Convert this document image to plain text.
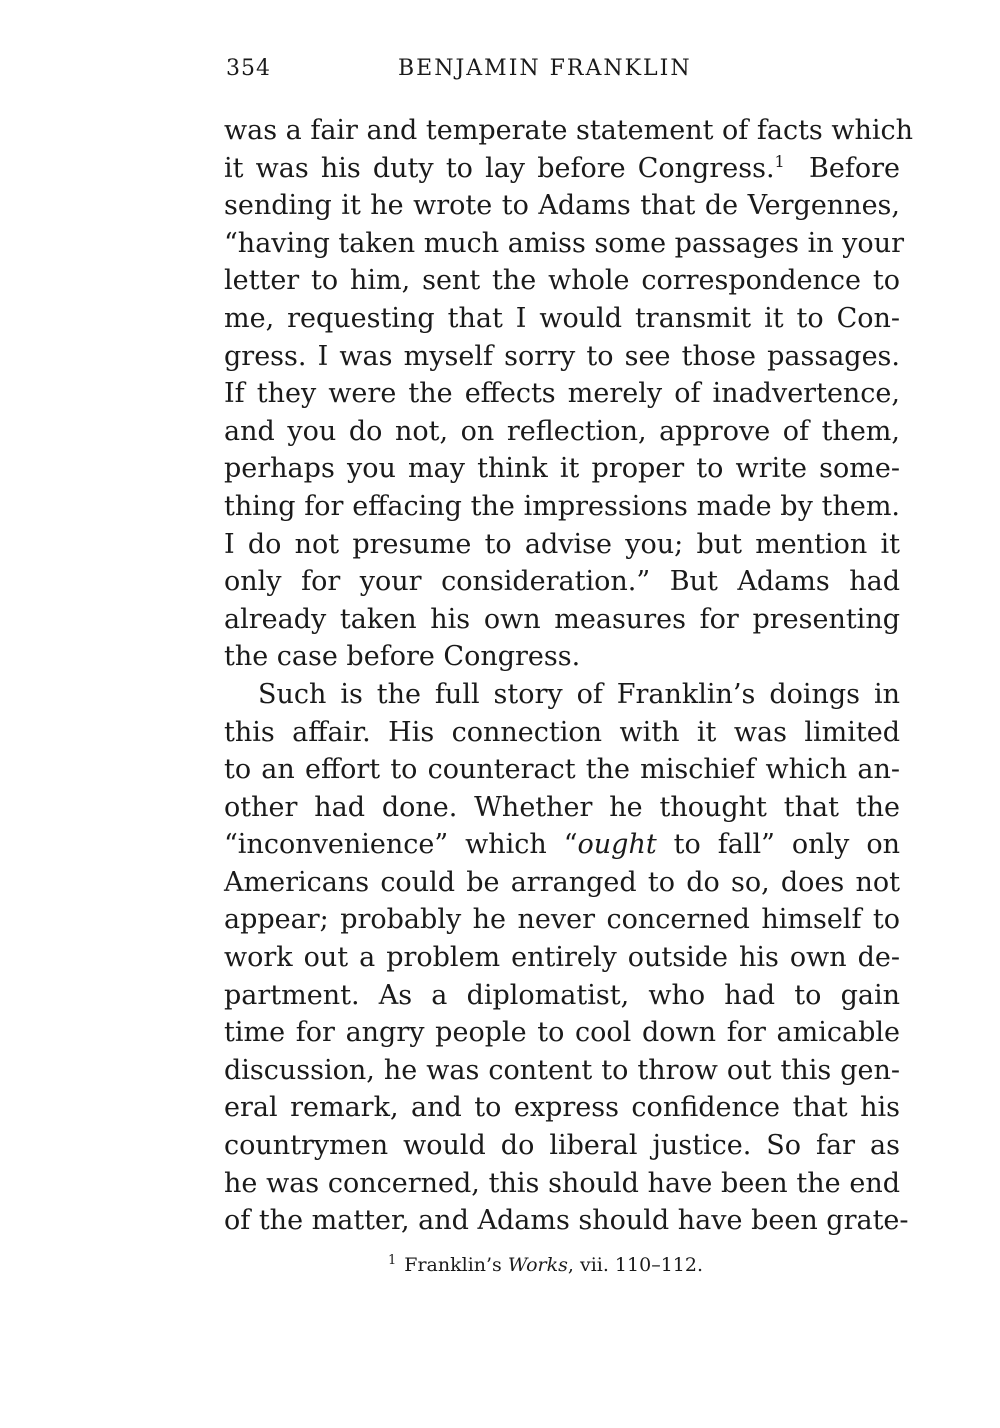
354	BENJAMIN FRANKLIN
was a fair and temperate statement of facts which
it was his duty to lay before Congress.$^1$ Before
sending it he wrote to Adams that de Vergennes,
“having taken much amiss some passages in your
letter to him, sent the whole correspondence to
me, requesting that I would transmit it to Con-
gress. I was myself sorry to see those passages.
If they were the effects merely of inadvertence,
and you do not, on reflection, approve of them,
perhaps you may think it proper to write some-
thing for effacing the impressions made by them.
I do not presume to advise you; but mention it
only for your consideration.” But Adams had
already taken his own measures for presenting
the case before Congress.
Such is the full story of Franklin’s doings in
this affair. His connection with it was limited
to an effort to counteract the mischief which an-
other had done. Whether he thought that the
“inconvenience” which “ought to fall” only on
Americans could be arranged to do so, does not
appear; probably he never concerned himself to
work out a problem entirely outside his own de-
partment. As a diplomatist, who had to gain
time for angry people to cool down for amicable
discussion, he was content to throw out this gen-
eral remark, and to express confidence that his
countrymen would do liberal justice. So far as
he was concerned, this should have been the end
of the matter, and Adams should have been grate-
$^1$ Franklin’s Works, vii. 110–112.
